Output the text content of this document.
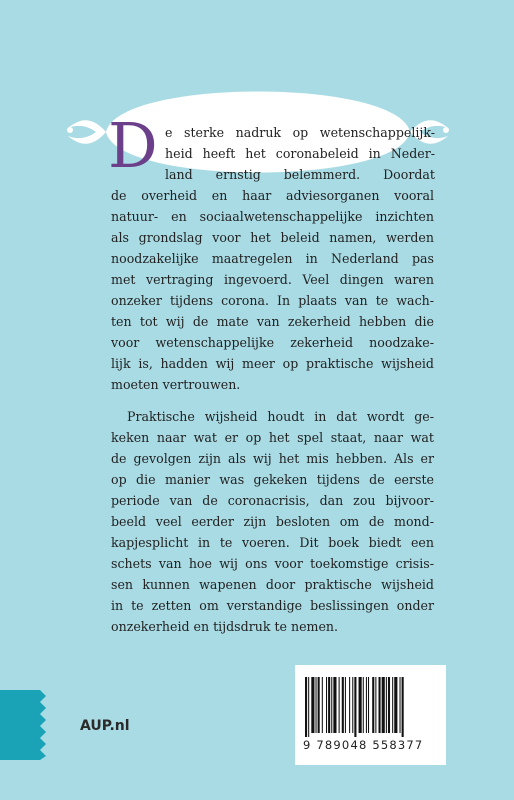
D e sterke nadruk op wetenschappelijk-
heid heeft het coronabeleid in Neder-
land ernstig belemmerd. Doordat
de overheid en haar adviesorganen vooral
natuur- en sociaalwetenschappelijke inzichten
als grondslag voor het beleid namen, werden
noodzakelijke maatregelen in Nederland pas
met vertraging ingevoerd. Veel dingen waren
onzeker tijdens corona. In plaats van te wach-
ten tot wij de mate van zekerheid hebben die
voor wetenschappelijke zekerheid noodzake-
lijk is, hadden wij meer op praktische wijsheid
moeten vertrouwen.
Praktische wijsheid houdt in dat wordt ge-
keken naar wat er op het spel staat, naar wat
de gevolgen zijn als wij het mis hebben. Als er
op die manier was gekeken tijdens de eerste
periode van de coronacrisis, dan zou bijvoor-
beeld veel eerder zijn besloten om de mond-
kapjesplicht in te voeren. Dit boek biedt een
schets van hoe wij ons voor toekomstige crisis-
sen kunnen wapenen door praktische wijsheid
in te zetten om verstandige beslissingen onder
onzekerheid en tijdsdruk te nemen.
AUP.nl
9 789048 558377
